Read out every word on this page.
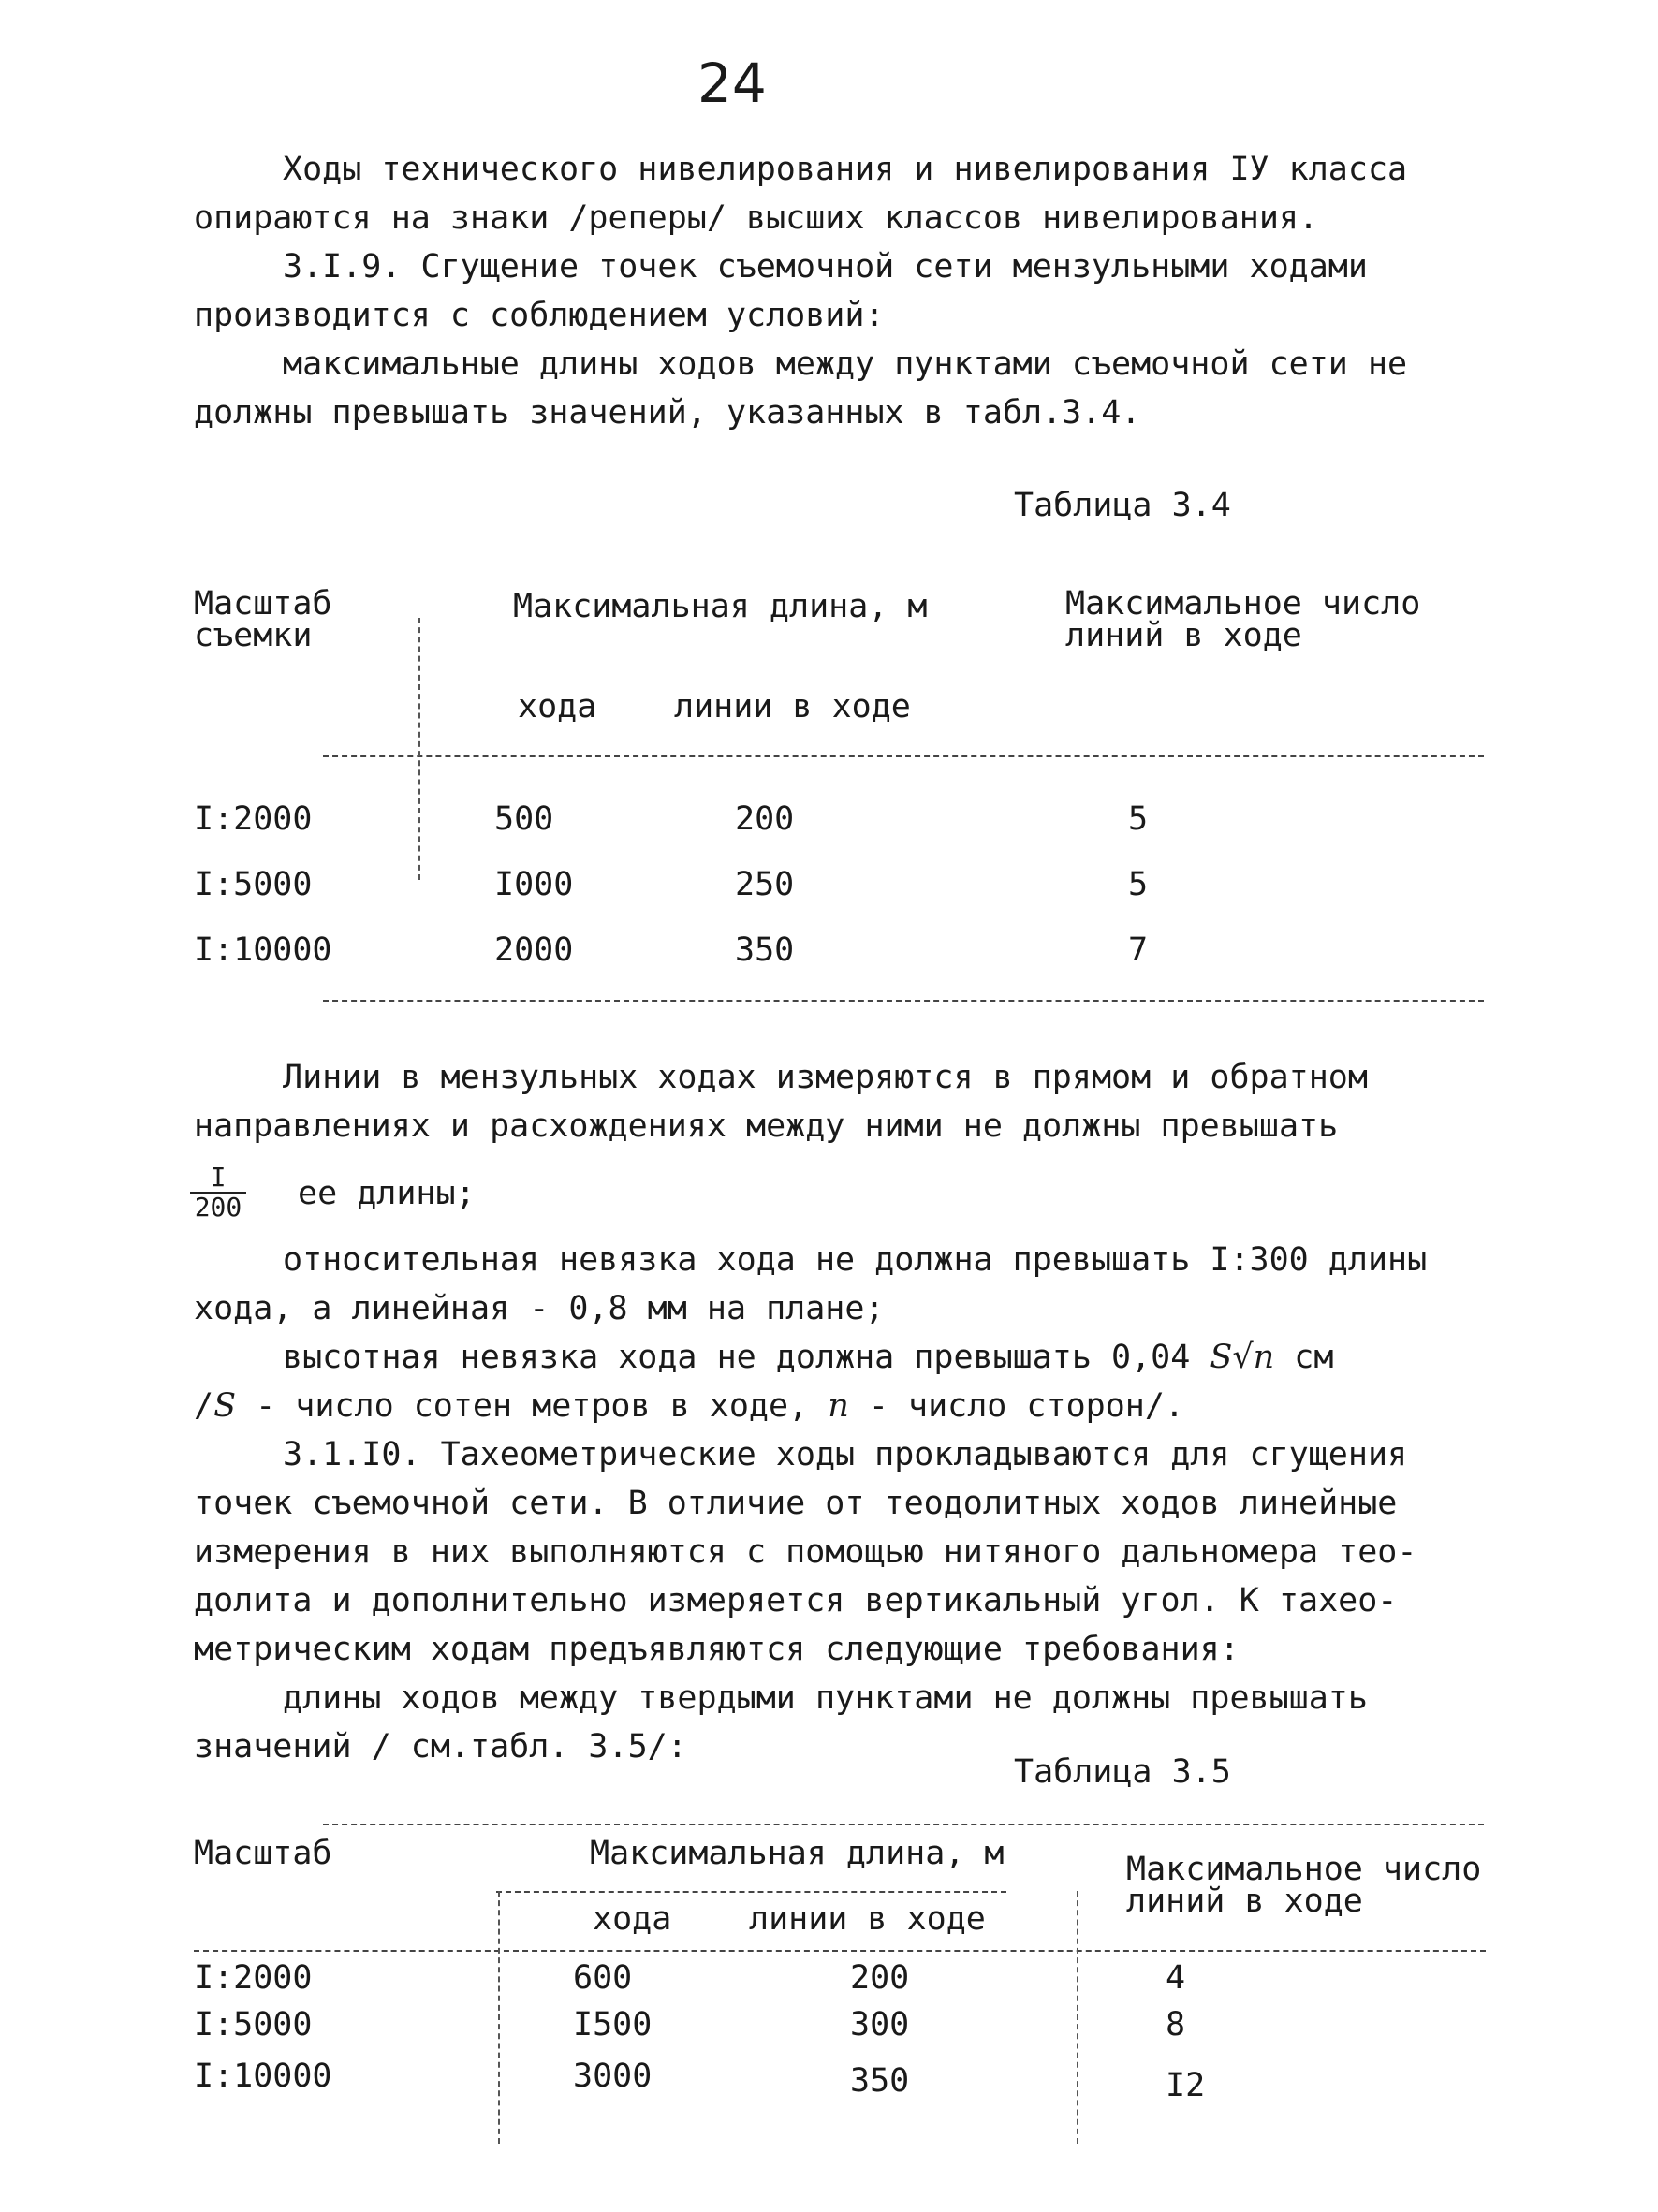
24

Ходы технического нивелирования и нивелирования IУ класса

опираются на знаки /реперы/ высших классов нивелирования.

3.I.9. Сгущение точек съемочной сети мензульными ходами

производится с соблюдением условий:

максимальные длины ходов между пунктами съемочной сети не

должны превышать значений, указанных в табл.3.4.

Таблица 3.4
Масштаб
съемки
Максимальная длина, м	Максимальное число
линий в ходе
хода линии в ходе
I:2000	500	200	5
I:5000	I000	250	5
I:10000	2000	350	7

Линии в мензульных ходах измеряются в прямом и обратном

направлениях и расхождениях между ними не должны превышать

I
200 ее длины;

относительная невязка хода не должна превышать I:300 длины

хода, а линейная - 0,8 мм на плане;

высотная невязка хода не должна превышать 0,04 S√n см

/S - число сотен метров в ходе, n - число сторон/.

3.1.I0. Тахеометрические ходы прокладываются для сгущения

точек съемочной сети. В отличие от теодолитных ходов линейные

измерения в них выполняются с помощью нитяного дальномера тео-

долита и дополнительно измеряется вертикальный угол. К тахео-

метрическим ходам предъявляются следующие требования:

длины ходов между твердыми пунктами не должны превышать

значений / см.табл. 3.5/:

Таблица 3.5
Масштаб	Максимальная длина, м	Максимальное число
линий в ходе
хода линии в ходе
I:2000	600	200	4
I:5000	I500	300	8
I:10000	3000	350	I2
